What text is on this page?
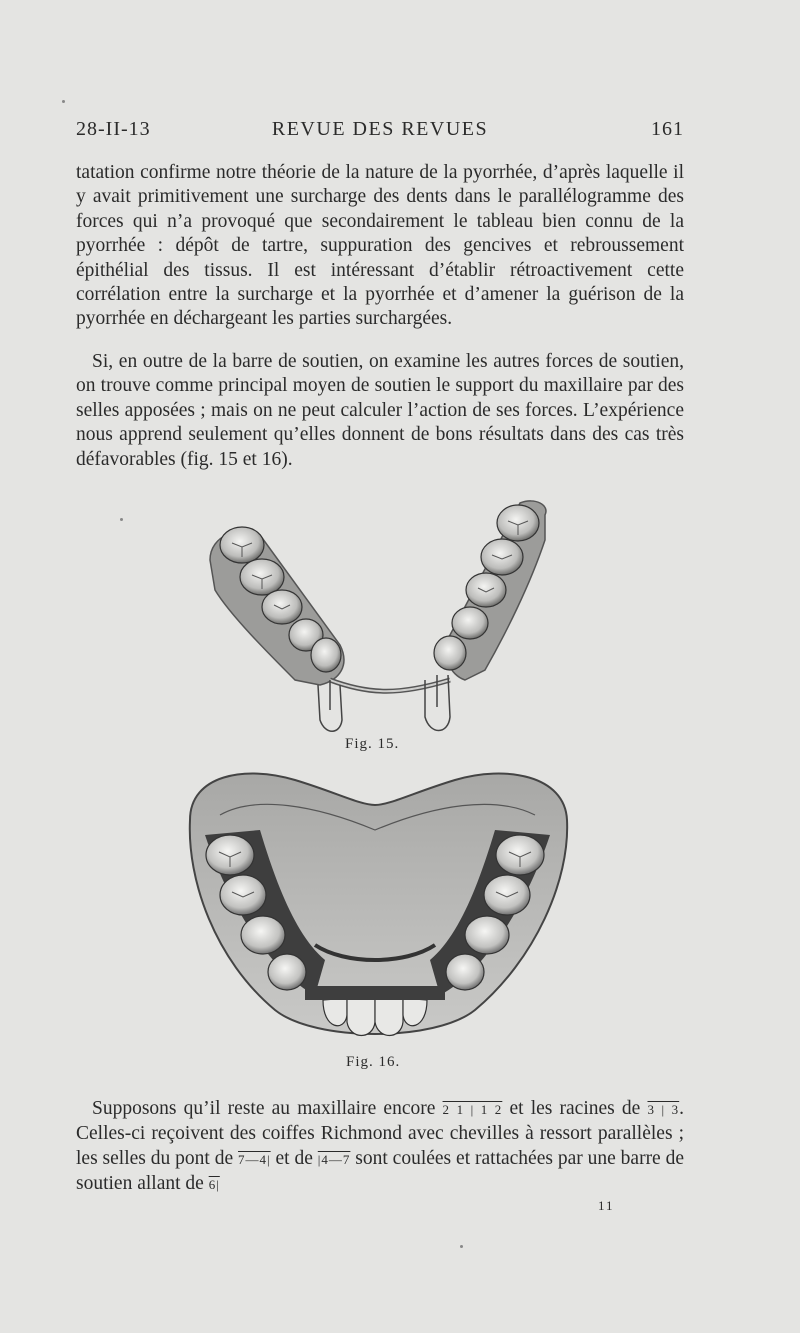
28-II-13	REVUE DES REVUES	161

tatation confirme notre théorie de la nature de la pyorrhée, d’après laquelle il y avait primitivement une surcharge des dents dans le parallélogramme des forces qui n’a provoqué que secondairement le tableau bien connu de la pyorrhée : dépôt de tartre, suppuration des gencives et rebroussement épithélial des tissus. Il est intéressant d’établir rétroactivement cette corrélation entre la surcharge et la pyorrhée et d’amener la guérison de la pyorrhée en déchargeant les parties surchargées.

Si, en outre de la barre de soutien, on examine les autres forces de soutien, on trouve comme principal moyen de soutien le support du maxillaire par des selles apposées ; mais on ne peut calculer l’action de ses forces. L’expérience nous apprend seulement qu’elles donnent de bons résultats dans des cas très défavorables (fig. 15 et 16).

Fig. 15.
Fig. 16.

Supposons qu’il reste au maxillaire encore 2 1 | 1 2 et les racines de 3 | 3. Celles-ci reçoivent des coiffes Richmond avec chevilles à ressort parallèles ; les selles du pont de 7—4| et de |4—7 sont coulées et rattachées par une barre de soutien allant de 6|

11
